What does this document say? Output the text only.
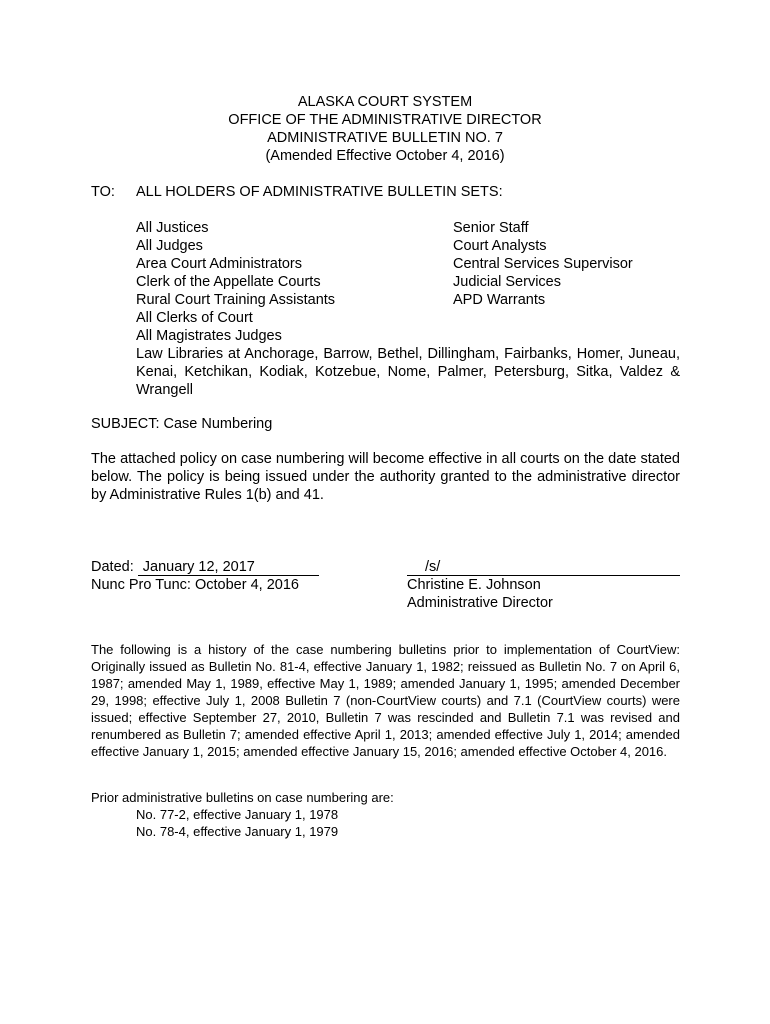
ALASKA COURT SYSTEM
OFFICE OF THE ADMINISTRATIVE DIRECTOR
ADMINISTRATIVE BULLETIN NO. 7
(Amended Effective October 4, 2016)
TO: ALL HOLDERS OF ADMINISTRATIVE BULLETIN SETS:
All Justices
All Judges
Area Court Administrators
Clerk of the Appellate Courts
Rural Court Training Assistants
All Clerks of Court
All Magistrates Judges
Senior Staff
Court Analysts
Central Services Supervisor
Judicial Services
APD Warrants
Law Libraries at Anchorage, Barrow, Bethel, Dillingham, Fairbanks, Homer, Juneau, Kenai, Ketchikan, Kodiak, Kotzebue, Nome, Palmer, Petersburg, Sitka, Valdez & Wrangell
SUBJECT: Case Numbering
The attached policy on case numbering will become effective in all courts on the date stated below. The policy is being issued under the authority granted to the administrative director by Administrative Rules 1(b) and 41.
Dated: January 12, 2017
Nunc Pro Tunc: October 4, 2016
/s/
Christine E. Johnson
Administrative Director
The following is a history of the case numbering bulletins prior to implementation of CourtView: Originally issued as Bulletin No. 81-4, effective January 1, 1982; reissued as Bulletin No. 7 on April 6, 1987; amended May 1, 1989, effective May 1, 1989; amended January 1, 1995; amended December 29, 1998; effective July 1, 2008 Bulletin 7 (non-CourtView courts) and 7.1 (CourtView courts) were issued; effective September 27, 2010, Bulletin 7 was rescinded and Bulletin 7.1 was revised and renumbered as Bulletin 7; amended effective April 1, 2013; amended effective July 1, 2014; amended effective January 1, 2015; amended effective January 15, 2016; amended effective October 4, 2016.
Prior administrative bulletins on case numbering are:
No. 77-2, effective January 1, 1978
No. 78-4, effective January 1, 1979
